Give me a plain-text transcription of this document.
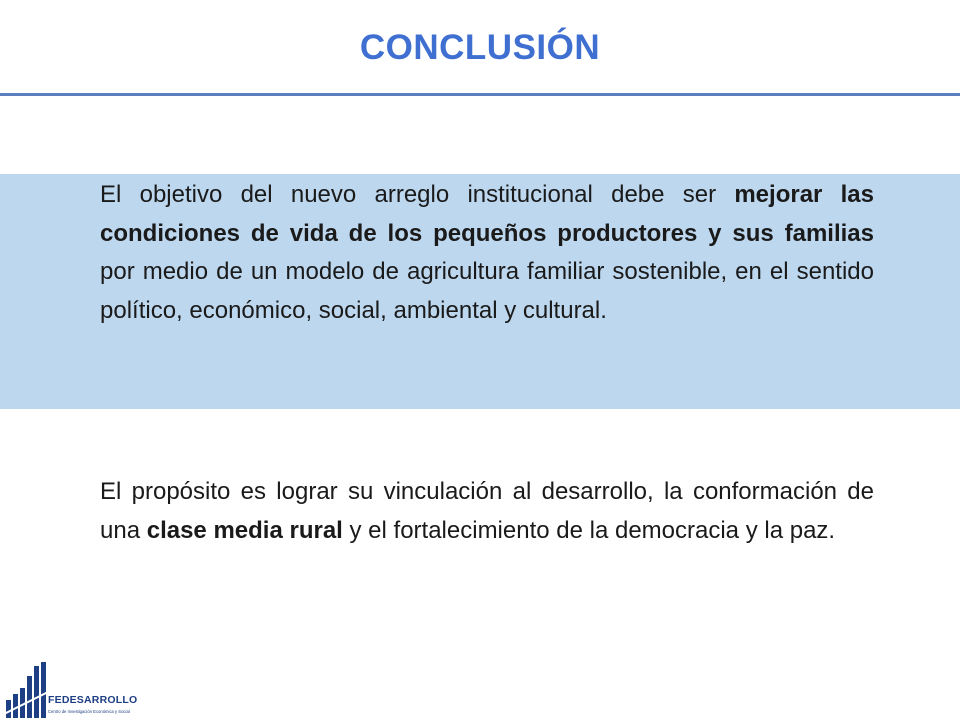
CONCLUSIÓN
El objetivo del nuevo arreglo institucional debe ser mejorar las condiciones de vida de los pequeños productores y sus familias por medio de un modelo de agricultura familiar sostenible, en el sentido político, económico, social, ambiental y cultural.
El propósito es lograr su vinculación al desarrollo, la conformación de una clase media rural y el fortalecimiento de la democracia y la paz.
FEDESARROLLO
Centro de Investigación Económica y Social
